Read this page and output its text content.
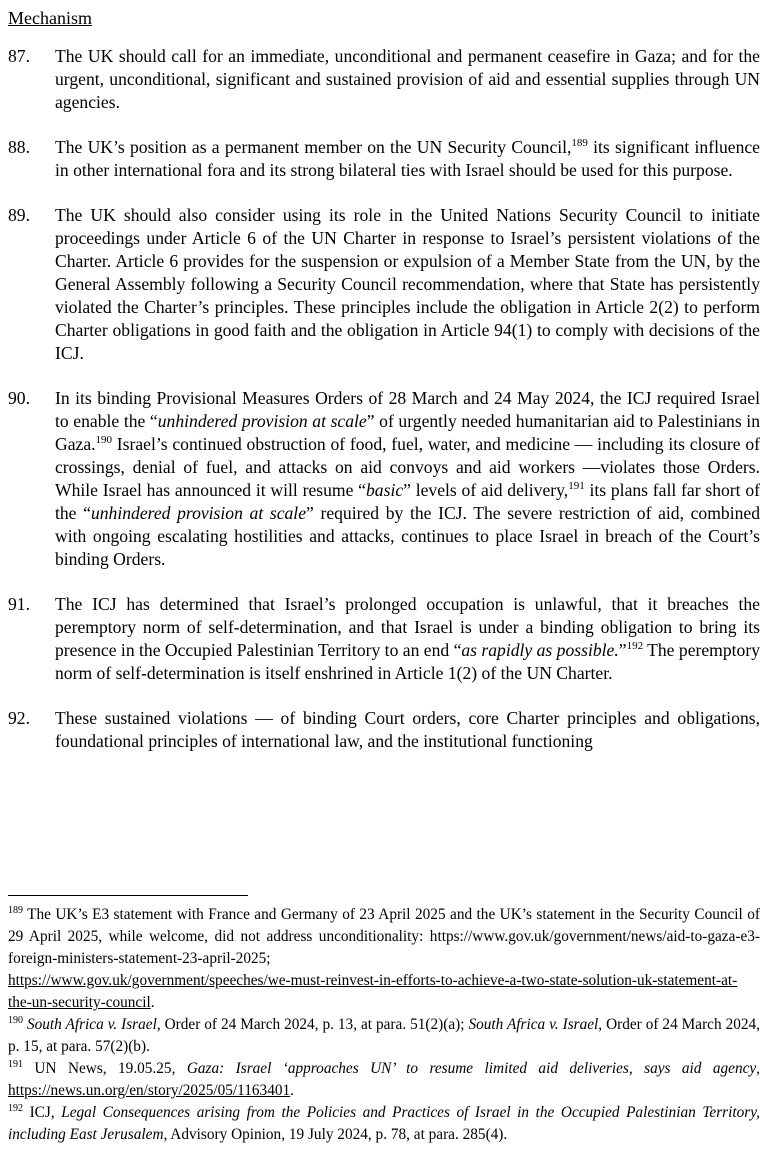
Mechanism
87.	The UK should call for an immediate, unconditional and permanent ceasefire in Gaza; and for the urgent, unconditional, significant and sustained provision of aid and essential supplies through UN agencies.
88.	The UK’s position as a permanent member on the UN Security Council,$^{189}$ its significant influence in other international fora and its strong bilateral ties with Israel should be used for this purpose.
89.	The UK should also consider using its role in the United Nations Security Council to initiate proceedings under Article 6 of the UN Charter in response to Israel’s persistent violations of the Charter. Article 6 provides for the suspension or expulsion of a Member State from the UN, by the General Assembly following a Security Council recommendation, where that State has persistently violated the Charter’s principles. These principles include the obligation in Article 2(2) to perform Charter obligations in good faith and the obligation in Article 94(1) to comply with decisions of the ICJ.
90.	In its binding Provisional Measures Orders of 28 March and 24 May 2024, the ICJ required Israel to enable the “unhindered provision at scale” of urgently needed humanitarian aid to Palestinians in Gaza.$^{190}$ Israel’s continued obstruction of food, fuel, water, and medicine — including its closure of crossings, denial of fuel, and attacks on aid convoys and aid workers —violates those Orders. While Israel has announced it will resume “basic” levels of aid delivery,$^{191}$ its plans fall far short of the “unhindered provision at scale” required by the ICJ. The severe restriction of aid, combined with ongoing escalating hostilities and attacks, continues to place Israel in breach of the Court’s binding Orders.
91.	The ICJ has determined that Israel’s prolonged occupation is unlawful, that it breaches the peremptory norm of self-determination, and that Israel is under a binding obligation to bring its presence in the Occupied Palestinian Territory to an end “as rapidly as possible.”$^{192}$ The peremptory norm of self-determination is itself enshrined in Article 1(2) of the UN Charter.
92.	These sustained violations — of binding Court orders, core Charter principles and obligations, foundational principles of international law, and the institutional functioning
$^{189}$ The UK’s E3 statement with France and Germany of 23 April 2025 and the UK’s statement in the Security Council of 29 April 2025, while welcome, did not address unconditionality: https://www.gov.uk/government/news/aid-to-gaza-e3-foreign-ministers-statement-23-april-2025;
https://www.gov.uk/government/speeches/we-must-reinvest-in-efforts-to-achieve-a-two-state-solution-uk-statement-at-the-un-security-council.
$^{190}$ South Africa v. Israel, Order of 24 March 2024, p. 13, at para. 51(2)(a); South Africa v. Israel, Order of 24 March 2024, p. 15, at para. 57(2)(b).
$^{191}$ UN News, 19.05.25, Gaza: Israel ‘approaches UN’ to resume limited aid deliveries, says aid agency, https://news.un.org/en/story/2025/05/1163401.
$^{192}$ ICJ, Legal Consequences arising from the Policies and Practices of Israel in the Occupied Palestinian Territory, including East Jerusalem, Advisory Opinion, 19 July 2024, p. 78, at para. 285(4).
